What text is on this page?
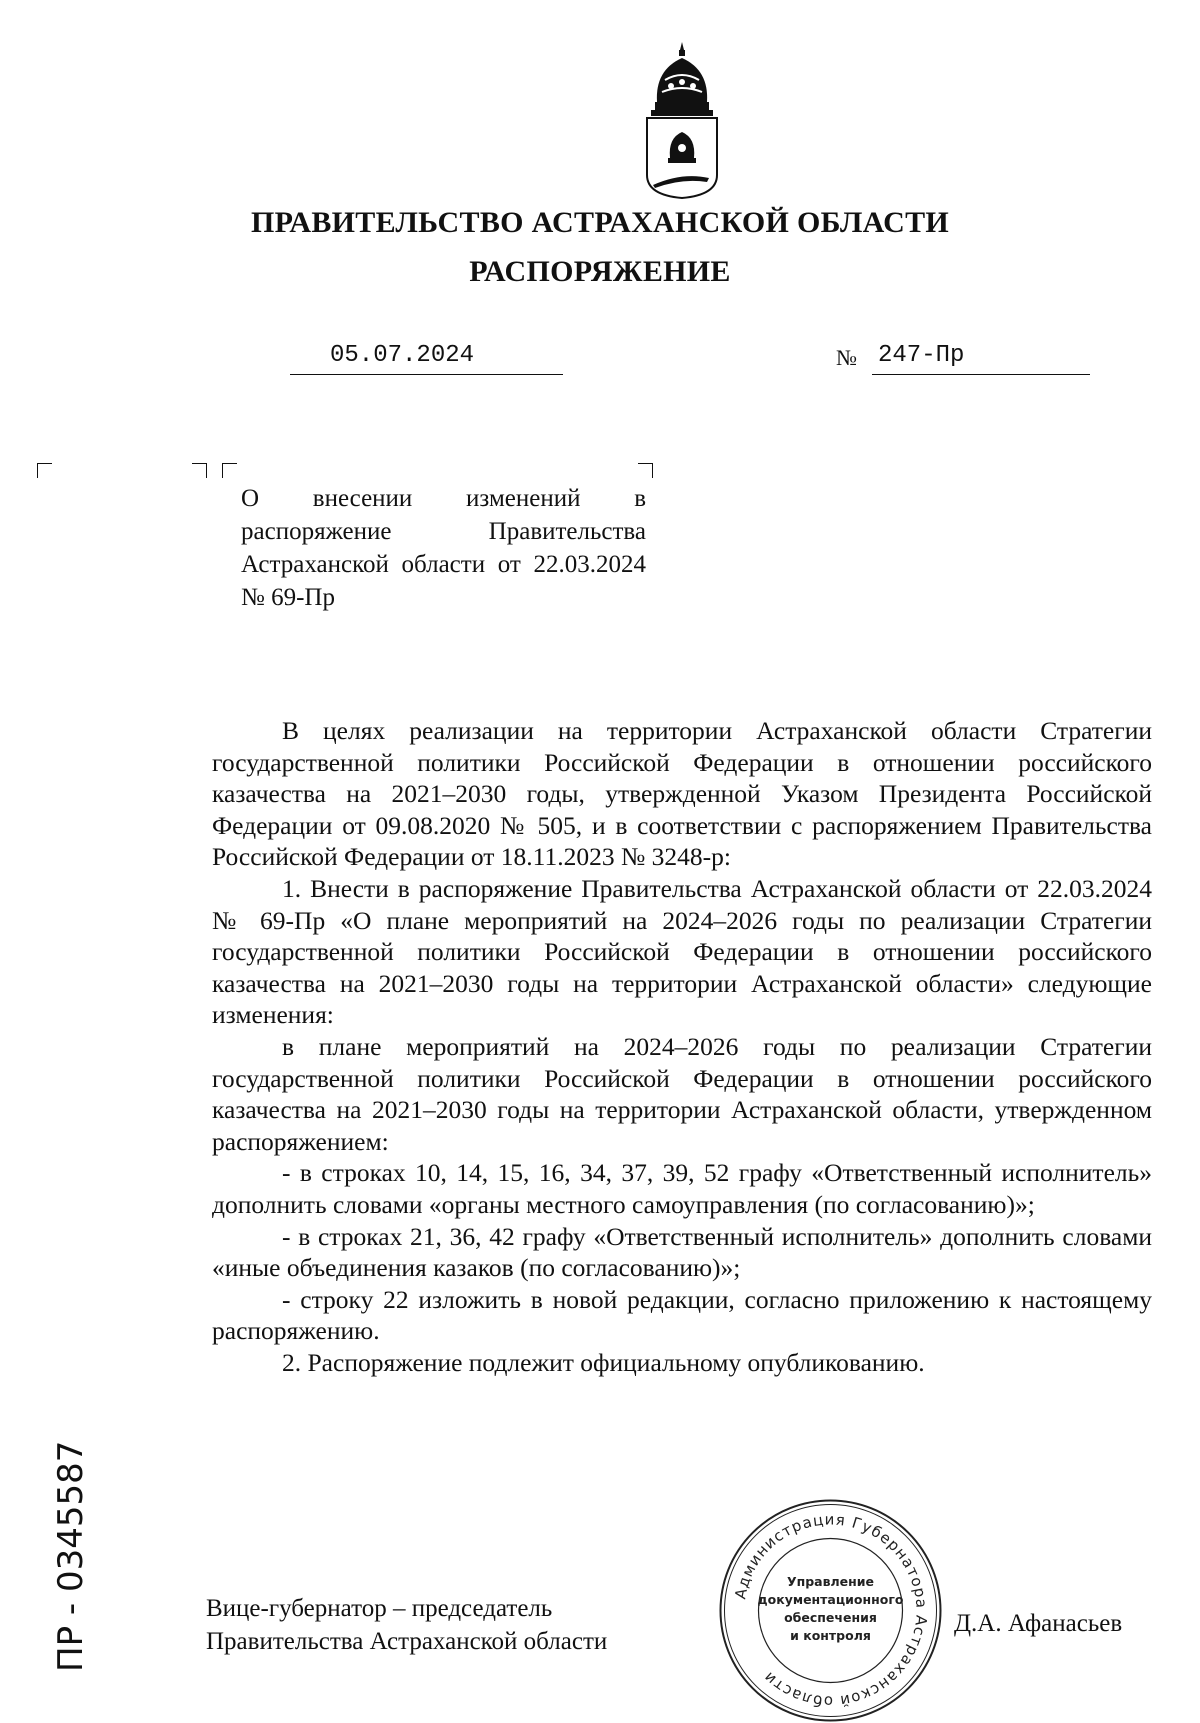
ПРАВИТЕЛЬСТВО АСТРАХАНСКОЙ ОБЛАСТИ
РАСПОРЯЖЕНИЕ
05.07.2024	№ 247-Пр
О внесении изменений в распоряжение Правительства Астраханской области от 22.03.2024 № 69-Пр

В целях реализации на территории Астраханской области Стратегии государственной политики Российской Федерации в отношении российского казачества на 2021–2030 годы, утвержденной Указом Президента Российской Федерации от 09.08.2020 № 505, и в соответствии с распоряжением Правительства Российской Федерации от 18.11.2023 № 3248-р:

1. Внести в распоряжение Правительства Астраханской области от 22.03.2024 № 69-Пр «О плане мероприятий на 2024–2026 годы по реализации Стратегии государственной политики Российской Федерации в отношении российского казачества на 2021–2030 годы на территории Астраханской области» следующие изменения:

в плане мероприятий на 2024–2026 годы по реализации Стратегии государственной политики Российской Федерации в отношении российского казачества на 2021–2030 годы на территории Астраханской области, утвержденном распоряжением:

- в строках 10, 14, 15, 16, 34, 37, 39, 52 графу «Ответственный исполнитель» дополнить словами «органы местного самоуправления (по согласованию)»;

- в строках 21, 36, 42 графу «Ответственный исполнитель» дополнить словами «иные объединения казаков (по согласованию)»;

- строку 22 изложить в новой редакции, согласно приложению к настоящему распоряжению.

2. Распоряжение подлежит официальному опубликованию.

Вице-губернатор – председатель
Правительства Астраханской области
Д.А. Афанасьев
Администрация Губернатора Астраханской области
Управление
документационного
обеспечения
и контроля
ПР - 0345587
